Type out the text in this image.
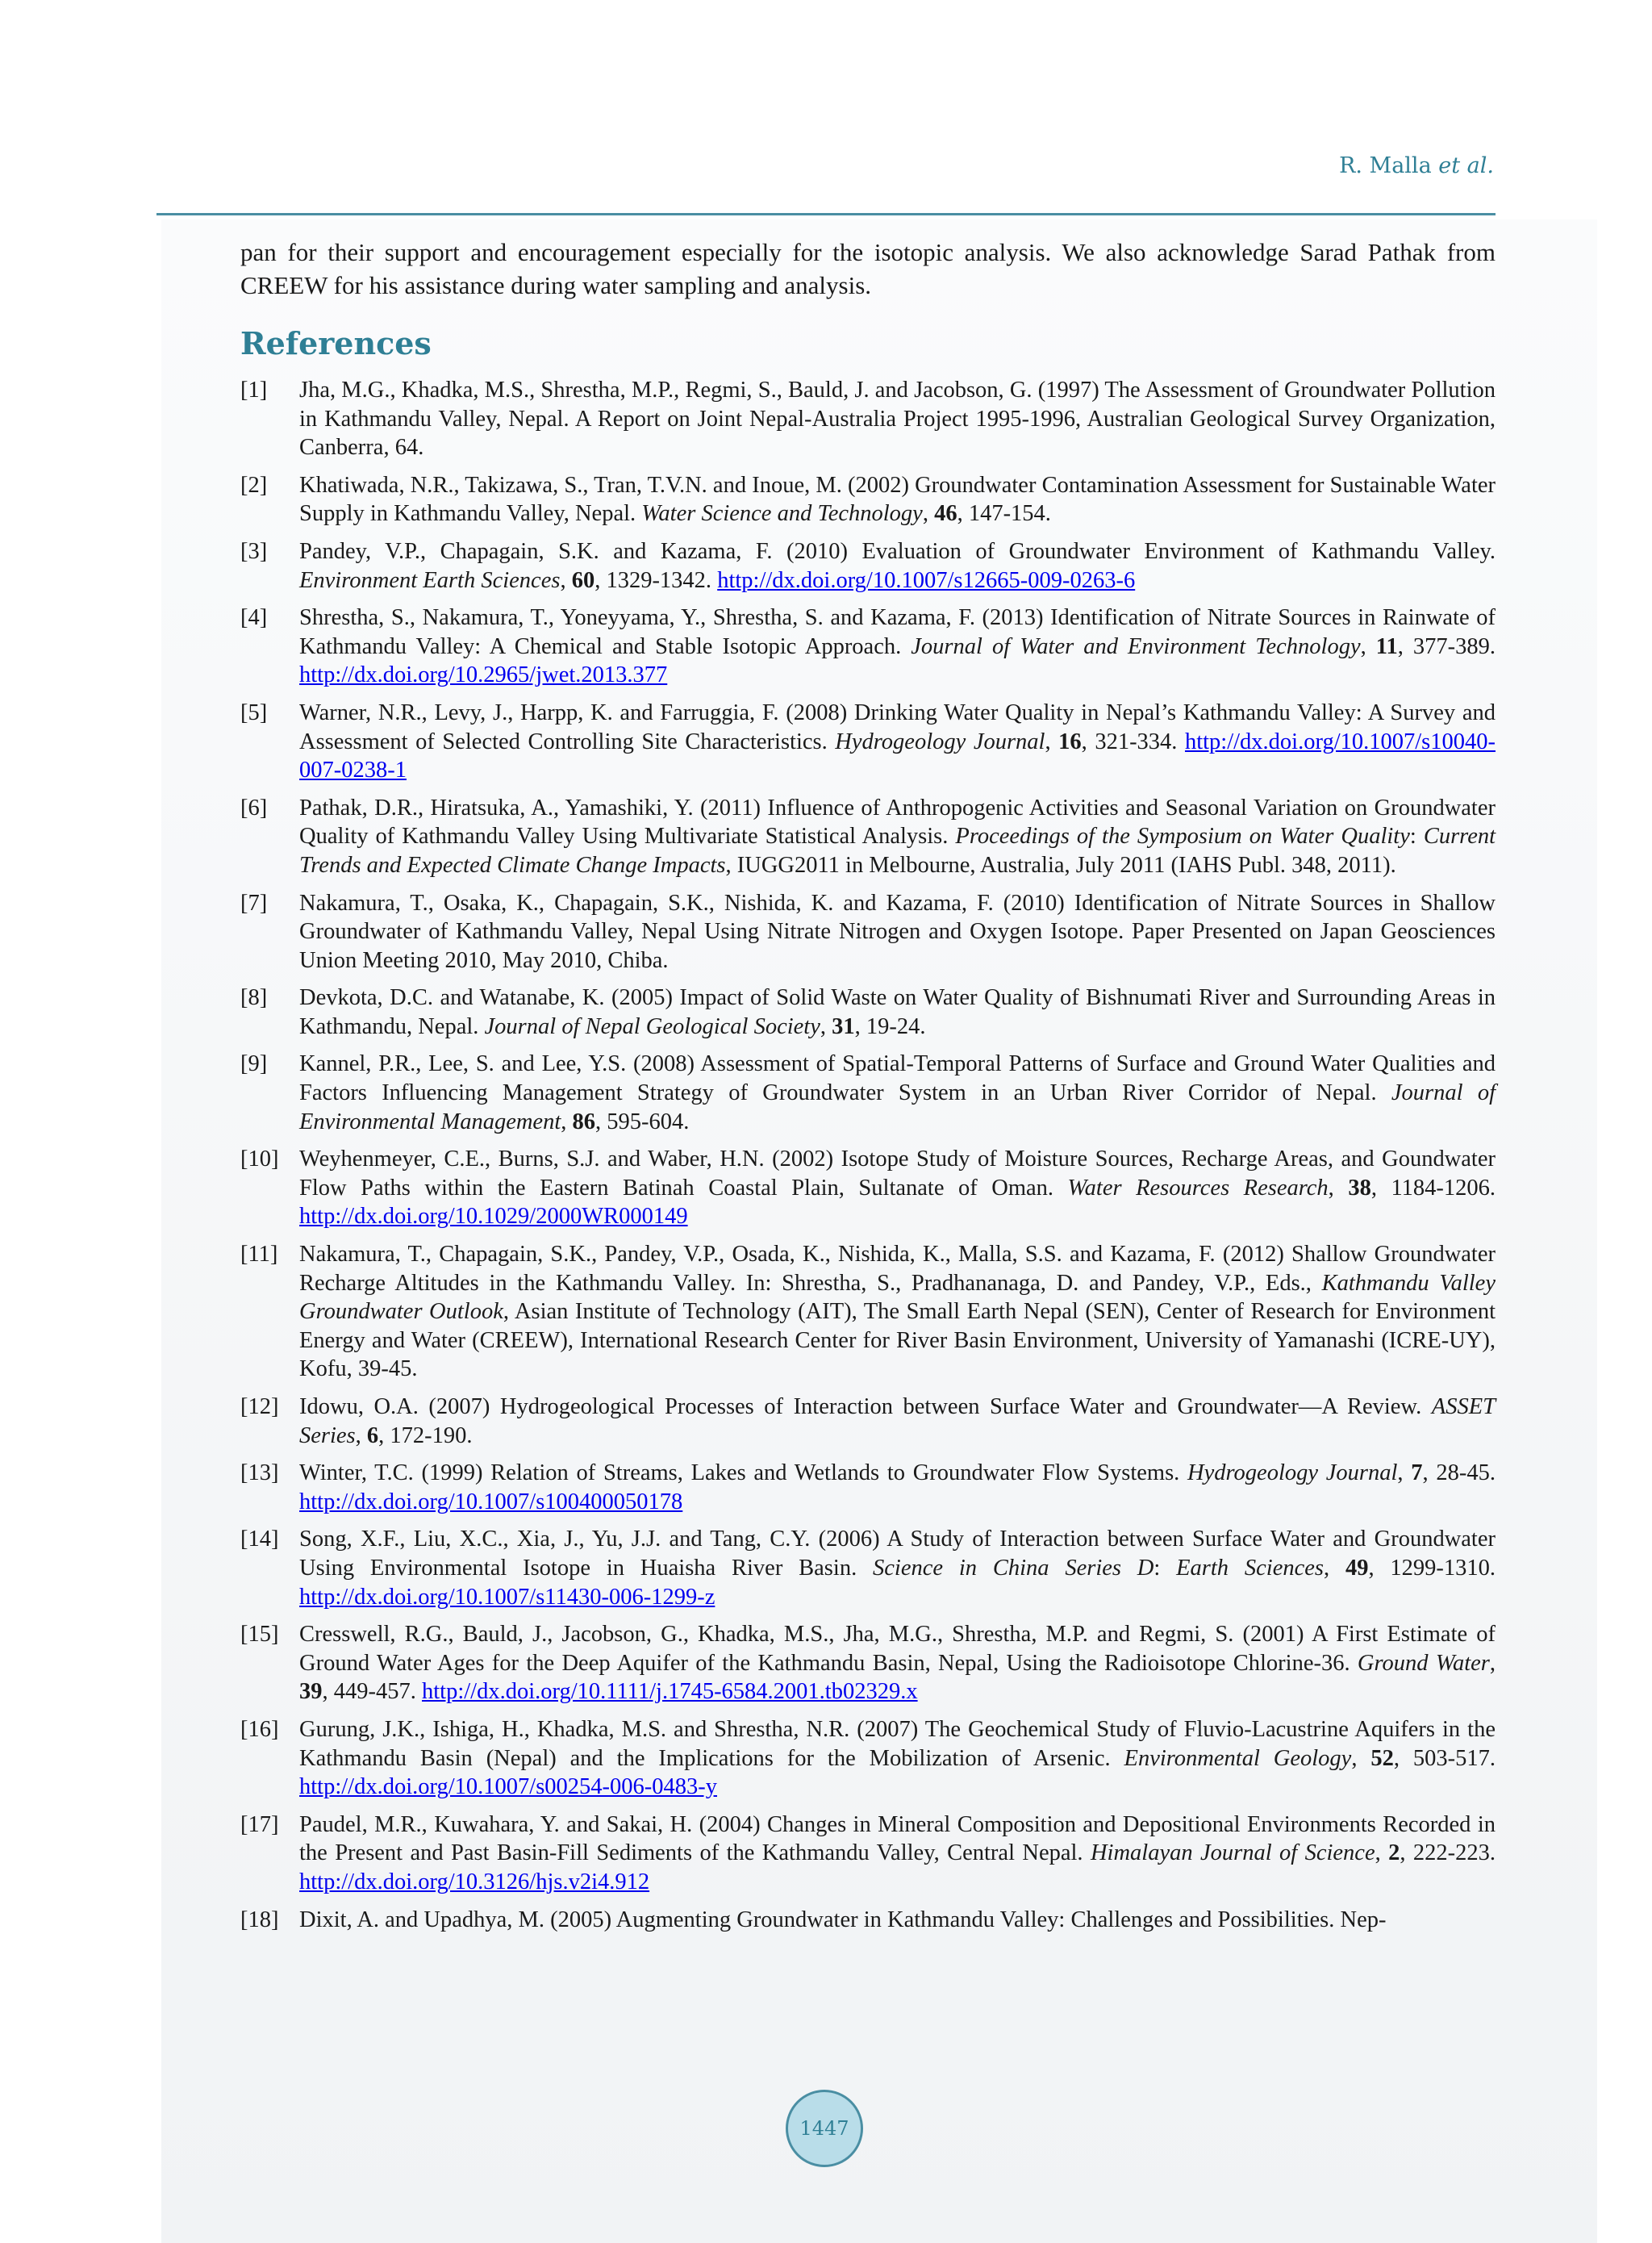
R. Malla et al.

pan for their support and encouragement especially for the isotopic analysis. We also acknowledge Sarad Pathak from CREEW for his assistance during water sampling and analysis.

References
[1] Jha, M.G., Khadka, M.S., Shrestha, M.P., Regmi, S., Bauld, J. and Jacobson, G. (1997) The Assessment of Groundwater Pollution in Kathmandu Valley, Nepal. A Report on Joint Nepal-Australia Project 1995-1996, Australian Geological Survey Organization, Canberra, 64.
[2] Khatiwada, N.R., Takizawa, S., Tran, T.V.N. and Inoue, M. (2002) Groundwater Contamination Assessment for Sustainable Water Supply in Kathmandu Valley, Nepal. Water Science and Technology, 46, 147-154.
[3] Pandey, V.P., Chapagain, S.K. and Kazama, F. (2010) Evaluation of Groundwater Environment of Kathmandu Valley. Environment Earth Sciences, 60, 1329-1342. http://dx.doi.org/10.1007/s12665-009-0263-6
[4] Shrestha, S., Nakamura, T., Yoneyyama, Y., Shrestha, S. and Kazama, F. (2013) Identification of Nitrate Sources in Rainwate of Kathmandu Valley: A Chemical and Stable Isotopic Approach. Journal of Water and Environment Technology, 11, 377-389. http://dx.doi.org/10.2965/jwet.2013.377
[5] Warner, N.R., Levy, J., Harpp, K. and Farruggia, F. (2008) Drinking Water Quality in Nepal’s Kathmandu Valley: A Survey and Assessment of Selected Controlling Site Characteristics. Hydrogeology Journal, 16, 321-334. http://dx.doi.org/10.1007/s10040-007-0238-1
[6] Pathak, D.R., Hiratsuka, A., Yamashiki, Y. (2011) Influence of Anthropogenic Activities and Seasonal Variation on Groundwater Quality of Kathmandu Valley Using Multivariate Statistical Analysis. Proceedings of the Symposium on Water Quality: Current Trends and Expected Climate Change Impacts, IUGG2011 in Melbourne, Australia, July 2011 (IAHS Publ. 348, 2011).
[7] Nakamura, T., Osaka, K., Chapagain, S.K., Nishida, K. and Kazama, F. (2010) Identification of Nitrate Sources in Shallow Groundwater of Kathmandu Valley, Nepal Using Nitrate Nitrogen and Oxygen Isotope. Paper Presented on Japan Geosciences Union Meeting 2010, May 2010, Chiba.
[8] Devkota, D.C. and Watanabe, K. (2005) Impact of Solid Waste on Water Quality of Bishnumati River and Surrounding Areas in Kathmandu, Nepal. Journal of Nepal Geological Society, 31, 19-24.
[9] Kannel, P.R., Lee, S. and Lee, Y.S. (2008) Assessment of Spatial-Temporal Patterns of Surface and Ground Water Qualities and Factors Influencing Management Strategy of Groundwater System in an Urban River Corridor of Nepal. Journal of Environmental Management, 86, 595-604.
[10] Weyhenmeyer, C.E., Burns, S.J. and Waber, H.N. (2002) Isotope Study of Moisture Sources, Recharge Areas, and Goundwater Flow Paths within the Eastern Batinah Coastal Plain, Sultanate of Oman. Water Resources Research, 38, 1184-1206. http://dx.doi.org/10.1029/2000WR000149
[11] Nakamura, T., Chapagain, S.K., Pandey, V.P., Osada, K., Nishida, K., Malla, S.S. and Kazama, F. (2012) Shallow Groundwater Recharge Altitudes in the Kathmandu Valley. In: Shrestha, S., Pradhananaga, D. and Pandey, V.P., Eds., Kathmandu Valley Groundwater Outlook, Asian Institute of Technology (AIT), The Small Earth Nepal (SEN), Center of Research for Environment Energy and Water (CREEW), International Research Center for River Basin Environment, University of Yamanashi (ICRE-UY), Kofu, 39-45.
[12] Idowu, O.A. (2007) Hydrogeological Processes of Interaction between Surface Water and Groundwater—A Review. ASSET Series, 6, 172-190.
[13] Winter, T.C. (1999) Relation of Streams, Lakes and Wetlands to Groundwater Flow Systems. Hydrogeology Journal, 7, 28-45. http://dx.doi.org/10.1007/s100400050178
[14] Song, X.F., Liu, X.C., Xia, J., Yu, J.J. and Tang, C.Y. (2006) A Study of Interaction between Surface Water and Groundwater Using Environmental Isotope in Huaisha River Basin. Science in China Series D: Earth Sciences, 49, 1299-1310. http://dx.doi.org/10.1007/s11430-006-1299-z
[15] Cresswell, R.G., Bauld, J., Jacobson, G., Khadka, M.S., Jha, M.G., Shrestha, M.P. and Regmi, S. (2001) A First Estimate of Ground Water Ages for the Deep Aquifer of the Kathmandu Basin, Nepal, Using the Radioisotope Chlorine-36. Ground Water, 39, 449-457. http://dx.doi.org/10.1111/j.1745-6584.2001.tb02329.x
[16] Gurung, J.K., Ishiga, H., Khadka, M.S. and Shrestha, N.R. (2007) The Geochemical Study of Fluvio-Lacustrine Aquifers in the Kathmandu Basin (Nepal) and the Implications for the Mobilization of Arsenic. Environmental Geology, 52, 503-517. http://dx.doi.org/10.1007/s00254-006-0483-y
[17] Paudel, M.R., Kuwahara, Y. and Sakai, H. (2004) Changes in Mineral Composition and Depositional Environments Recorded in the Present and Past Basin-Fill Sediments of the Kathmandu Valley, Central Nepal. Himalayan Journal of Science, 2, 222-223. http://dx.doi.org/10.3126/hjs.v2i4.912
[18] Dixit, A. and Upadhya, M. (2005) Augmenting Groundwater in Kathmandu Valley: Challenges and Possibilities. Nep-
1447
